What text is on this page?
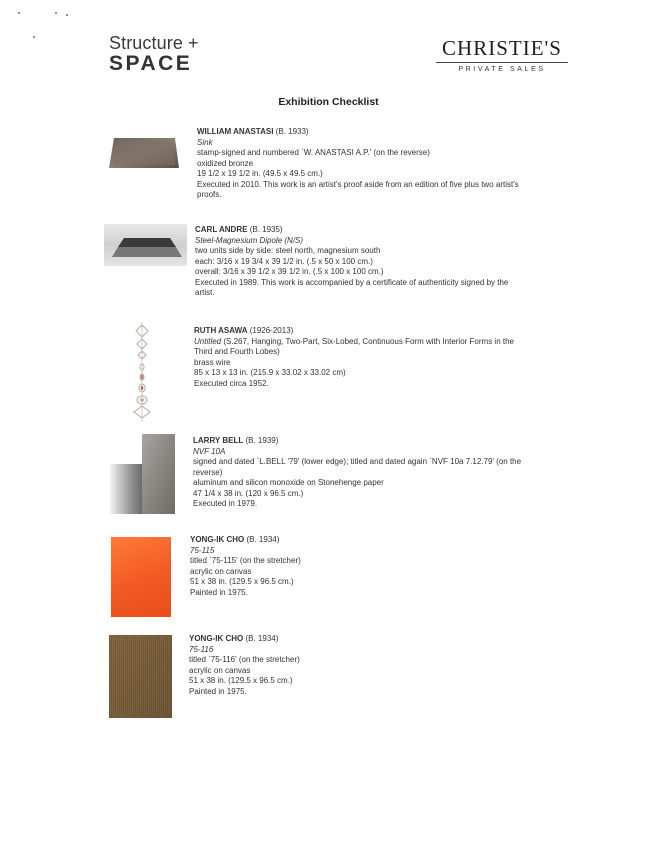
Structure +
SPACE
CHRISTIE'S
PRIVATE SALES
Exhibition Checklist
WILLIAM ANASTASI (B. 1933)
Sink
stamp-signed and numbered `W. ANASTASI A.P.' (on the reverse)
oxidized bronze
19 1/2 x 19 1/2 in. (49.5 x 49.5 cm.)
Executed in 2010. This work is an artist's proof aside from an edition of five plus two artist's
proofs.
CARL ANDRE (B. 1935)
Steel-Magnesium Dipole (N/S)
two units side by side: steel north, magnesium south
each: 3/16 x 19 3/4 x 39 1/2 in. (.5 x 50 x 100 cm.)
overall: 3/16 x 39 1/2 x 39 1/2 in. (.5 x 100 x 100 cm.)
Executed in 1989. This work is accompanied by a certificate of authenticity signed by the
artist.
RUTH ASAWA (1926-2013)
Untitled (S.267, Hanging, Two-Part, Six-Lobed, Continuous Form with Interior Forms in the
Third and Fourth Lobes)
brass wire
85 x 13 x 13 in. (215.9 x 33.02 x 33.02 cm)
Executed circa 1952.
LARRY BELL (B. 1939)
NVF 10A
signed and dated `L.BELL '79' (lower edge); titled and dated again `NVF 10a 7.12.79' (on the
reverse)
aluminum and silicon monoxide on Stonehenge paper
47 1/4 x 38 in. (120 x 96.5 cm.)
Executed in 1979.
YONG-IK CHO (B. 1934)
75-115
titled `75-115' (on the stretcher)
acrylic on canvas
51 x 38 in. (129.5 x 96.5 cm.)
Painted in 1975.
YONG-IK CHO (B. 1934)
75-116
titled `75-116' (on the stretcher)
acrylic on canvas
51 x 38 in. (129.5 x 96.5 cm.)
Painted in 1975.
